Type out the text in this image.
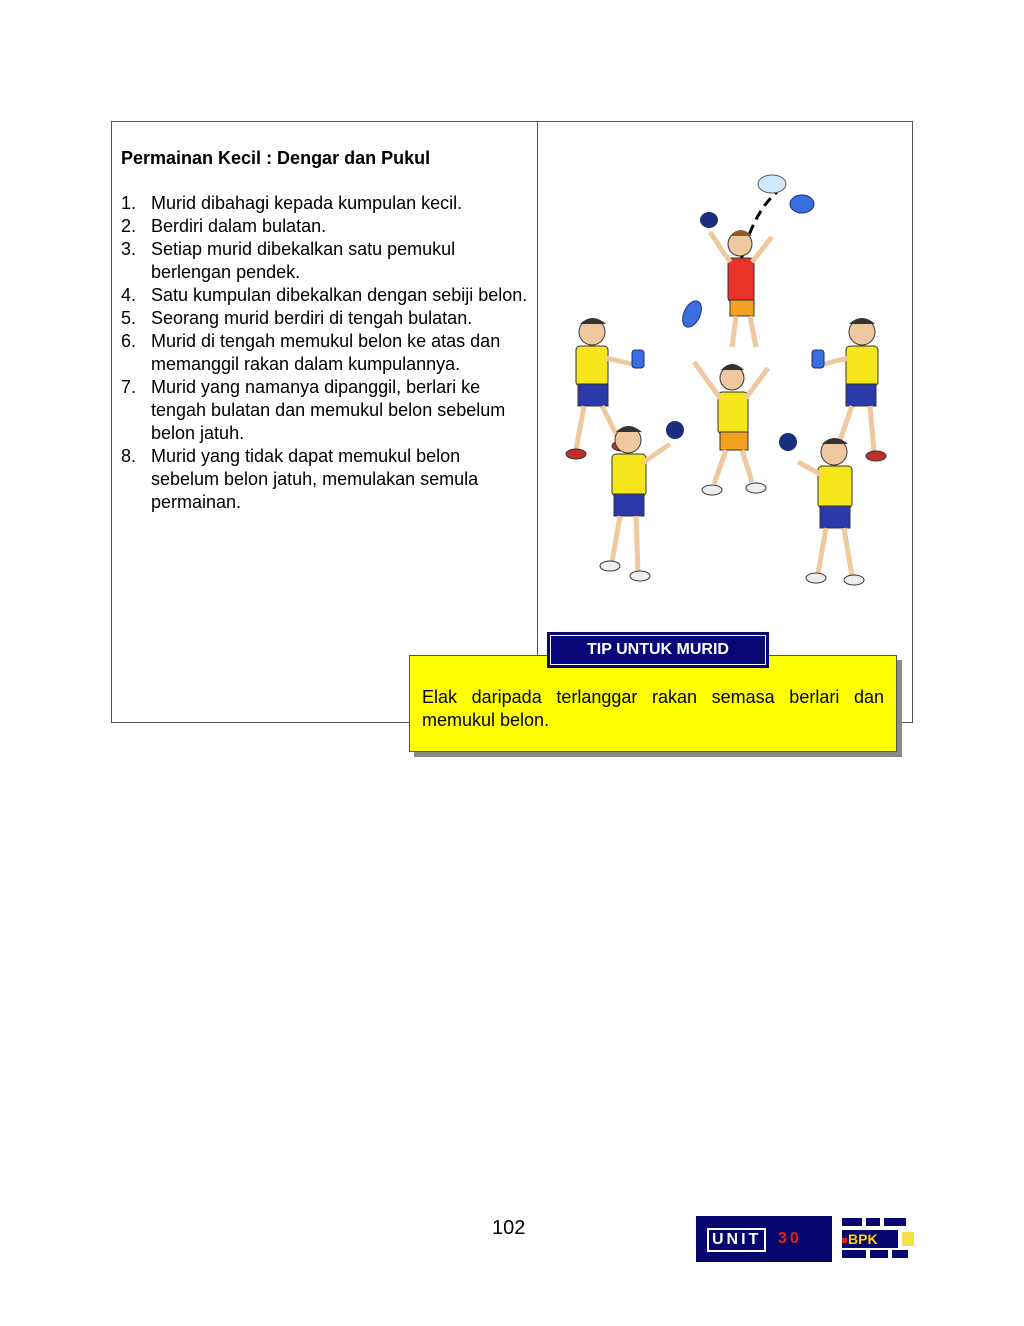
Permainan Kecil : Dengar dan Pukul
1. Murid dibahagi kepada kumpulan kecil.
2. Berdiri dalam bulatan.
3. Setiap murid dibekalkan satu pemukul berlengan pendek.
4. Satu kumpulan dibekalkan dengan sebiji belon.
5. Seorang murid berdiri di tengah bulatan.
6. Murid di tengah memukul belon ke atas dan memanggil rakan dalam kumpulannya.
7. Murid yang namanya dipanggil, berlari ke tengah bulatan dan memukul belon sebelum belon jatuh.
8. Murid yang tidak dapat memukul belon sebelum belon jatuh, memulakan semula permainan.
TIP UNTUK MURID
Elak daripada terlanggar rakan semasa berlari dan memukul belon.
102
UNIT	30	BPK
